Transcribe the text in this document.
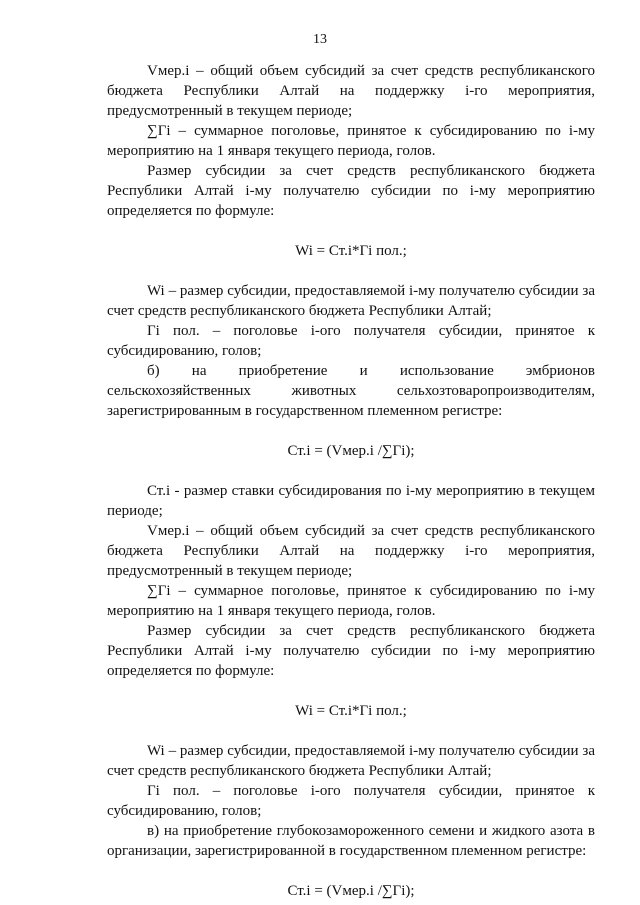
13

Vмер.i – общий объем субсидий за счет средств республиканского бюджета Республики Алтай на поддержку i-го мероприятия, предусмотренный в текущем периоде;

∑Гi – суммарное поголовье, принятое к субсидированию по i-му мероприятию на 1 января текущего периода, голов.

Размер субсидии за счет средств республиканского бюджета Республики Алтай i-му получателю субсидии по i-му мероприятию определяется по формуле:

Wi = Ст.i*Гi пол.;

Wi – размер субсидии, предоставляемой i-му получателю субсидии за счет средств республиканского бюджета Республики Алтай;

Гi пол. – поголовье i-ого получателя субсидии, принятое к субсидированию, голов;

б) на приобретение и использование эмбрионов сельскохозяйственных животных сельхозтоваропроизводителям, зарегистрированным в государственном племенном регистре:

Ст.i = (Vмер.i /∑Гi);

Ст.i - размер ставки субсидирования по i-му мероприятию в текущем периоде;

Vмер.i – общий объем субсидий за счет средств республиканского бюджета Республики Алтай на поддержку i-го мероприятия, предусмотренный в текущем периоде;

∑Гi – суммарное поголовье, принятое к субсидированию по i-му мероприятию на 1 января текущего периода, голов.

Размер субсидии за счет средств республиканского бюджета Республики Алтай i-му получателю субсидии по i-му мероприятию определяется по формуле:

Wi = Ст.i*Гi пол.;

Wi – размер субсидии, предоставляемой i-му получателю субсидии за счет средств республиканского бюджета Республики Алтай;

Гi пол. – поголовье i-ого получателя субсидии, принятое к субсидированию, голов;

в) на приобретение глубокозамороженного семени и жидкого азота в организации, зарегистрированной в государственном племенном регистре:

Ст.i = (Vмер.i /∑Гi);
